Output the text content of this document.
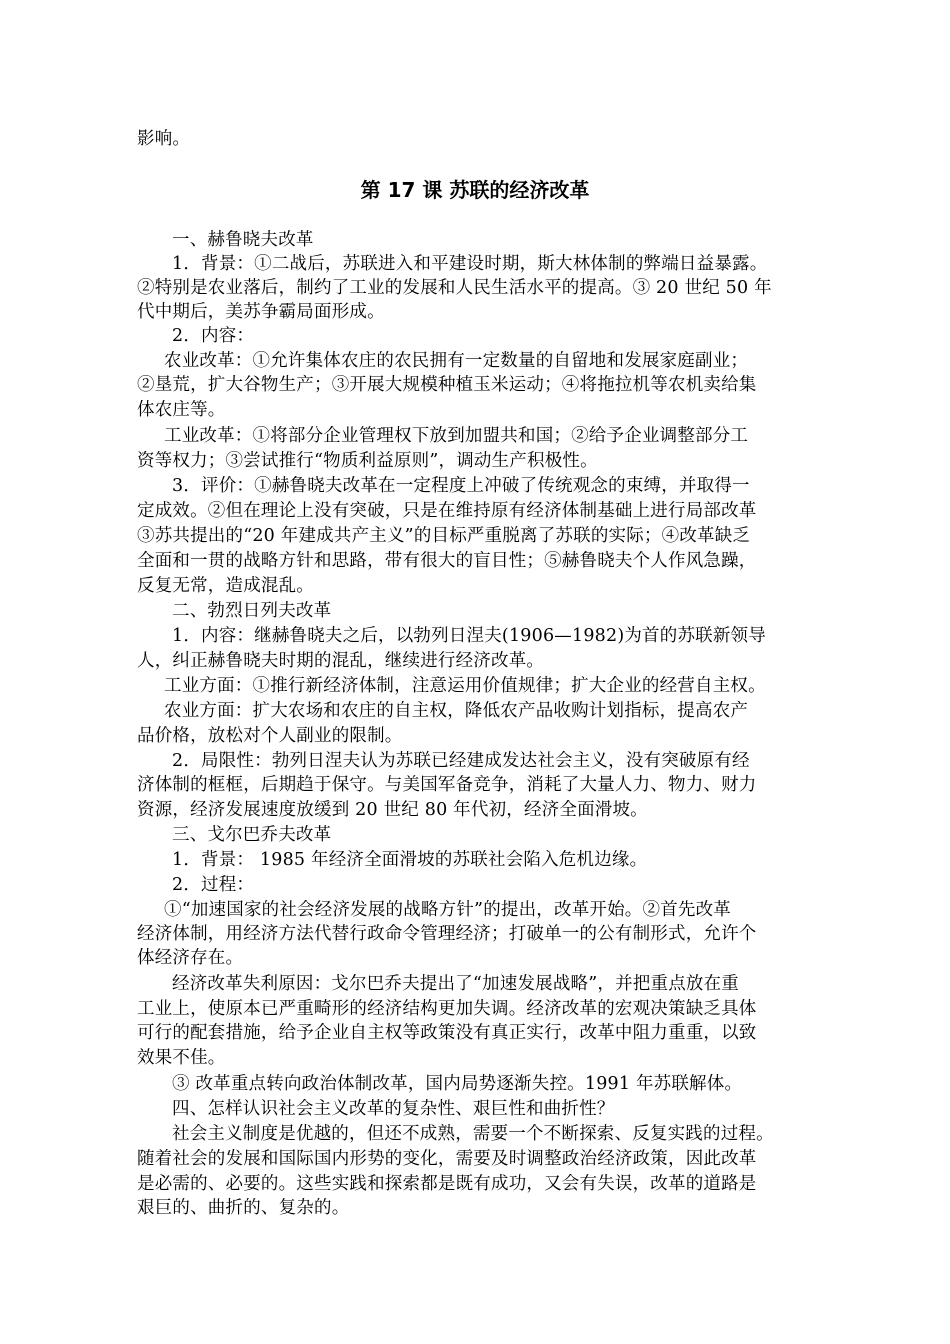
影响。
第 17 课 苏联的经济改革
一、赫鲁晓夫改革
1．背景：①二战后，苏联进入和平建设时期，斯大林体制的弊端日益暴露。
②特别是农业落后，制约了工业的发展和人民生活水平的提高。③ 20 世纪 50 年
代中期后，美苏争霸局面形成。
2．内容：
农业改革：①允许集体农庄的农民拥有一定数量的自留地和发展家庭副业；
②垦荒，扩大谷物生产；③开展大规模种植玉米运动；④将拖拉机等农机卖给集
体农庄等。
工业改革：①将部分企业管理权下放到加盟共和国；②给予企业调整部分工
资等权力；③尝试推行“物质利益原则”，调动生产积极性。
3．评价：①赫鲁晓夫改革在一定程度上冲破了传统观念的束缚，并取得一
定成效。②但在理论上没有突破，只是在维持原有经济体制基础上进行局部改革
③苏共提出的“20 年建成共产主义”的目标严重脱离了苏联的实际；④改革缺乏
全面和一贯的战略方针和思路，带有很大的盲目性；⑤赫鲁晓夫个人作风急躁，
反复无常，造成混乱。
二、勃烈日列夫改革
1．内容：继赫鲁晓夫之后，以勃列日涅夫(1906—1982)为首的苏联新领导
人，纠正赫鲁晓夫时期的混乱，继续进行经济改革。
工业方面：①推行新经济体制，注意运用价值规律；扩大企业的经营自主权。
农业方面：扩大农场和农庄的自主权，降低农产品收购计划指标，提高农产
品价格，放松对个人副业的限制。
2．局限性：勃列日涅夫认为苏联已经建成发达社会主义，没有突破原有经
济体制的框框，后期趋于保守。与美国军备竞争，消耗了大量人力、物力、财力
资源，经济发展速度放缓到 20 世纪 80 年代初，经济全面滑坡。
三、戈尔巴乔夫改革
1．背景： 1985 年经济全面滑坡的苏联社会陷入危机边缘。
2．过程：
①“加速国家的社会经济发展的战略方针”的提出，改革开始。②首先改革
经济体制，用经济方法代替行政命令管理经济；打破单一的公有制形式，允许个
体经济存在。
经济改革失利原因：戈尔巴乔夫提出了“加速发展战略”，并把重点放在重
工业上，使原本已严重畸形的经济结构更加失调。经济改革的宏观决策缺乏具体
可行的配套措施，给予企业自主权等政策没有真正实行，改革中阻力重重，以致
效果不佳。
③ 改革重点转向政治体制改革，国内局势逐渐失控。1991 年苏联解体。
四、怎样认识社会主义改革的复杂性、艰巨性和曲折性？
社会主义制度是优越的，但还不成熟，需要一个不断探索、反复实践的过程。
随着社会的发展和国际国内形势的变化，需要及时调整政治经济政策，因此改革
是必需的、必要的。这些实践和探索都是既有成功，又会有失误，改革的道路是
艰巨的、曲折的、复杂的。
